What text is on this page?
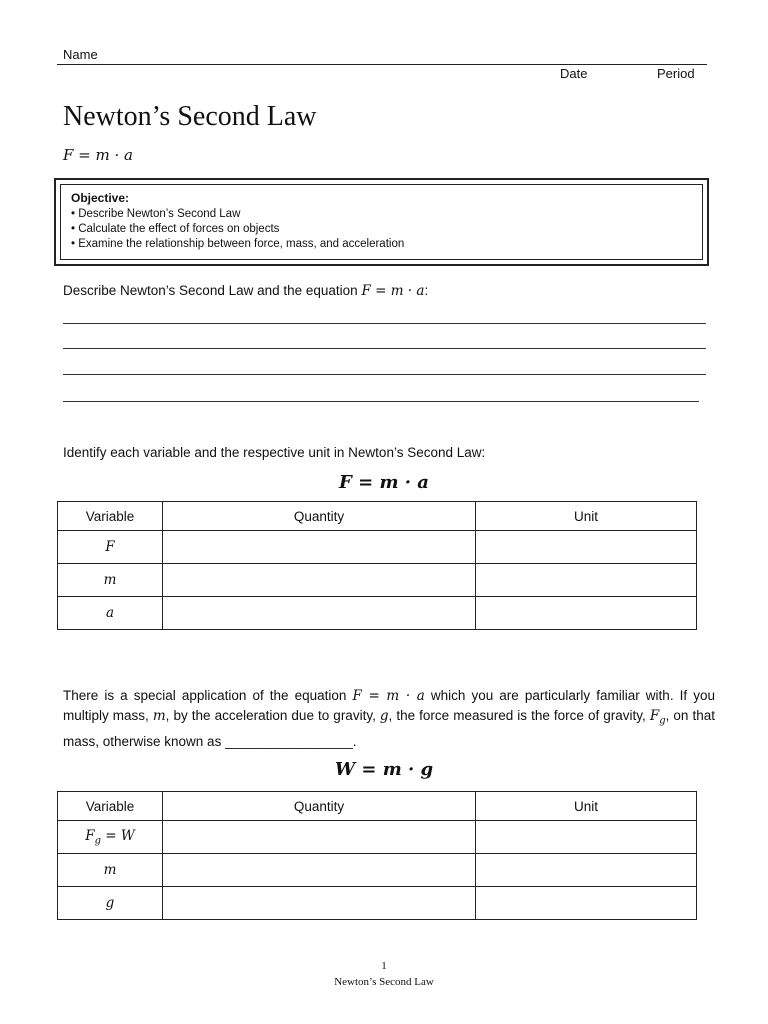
Name
Date	Period
Newton’s Second Law
F = m · a
Objective:
• Describe Newton’s Second Law
• Calculate the effect of forces on objects
• Examine the relationship between force, mass, and acceleration
Describe Newton’s Second Law and the equation F = m · a:
Identify each variable and the respective unit in Newton’s Second Law:
F = m · a
Variable	Quantity	Unit
F		
m		
a		
There is a special application of the equation F = m · a which you are particularly familiar with. If you multiply mass, m, by the acceleration due to gravity, g, the force measured is the force of gravity, $F_g$, on that mass, otherwise known as _________________.
W = m · g
Variable	Quantity	Unit
$F_g = W$		
m		
g		
1
Newton’s Second Law
